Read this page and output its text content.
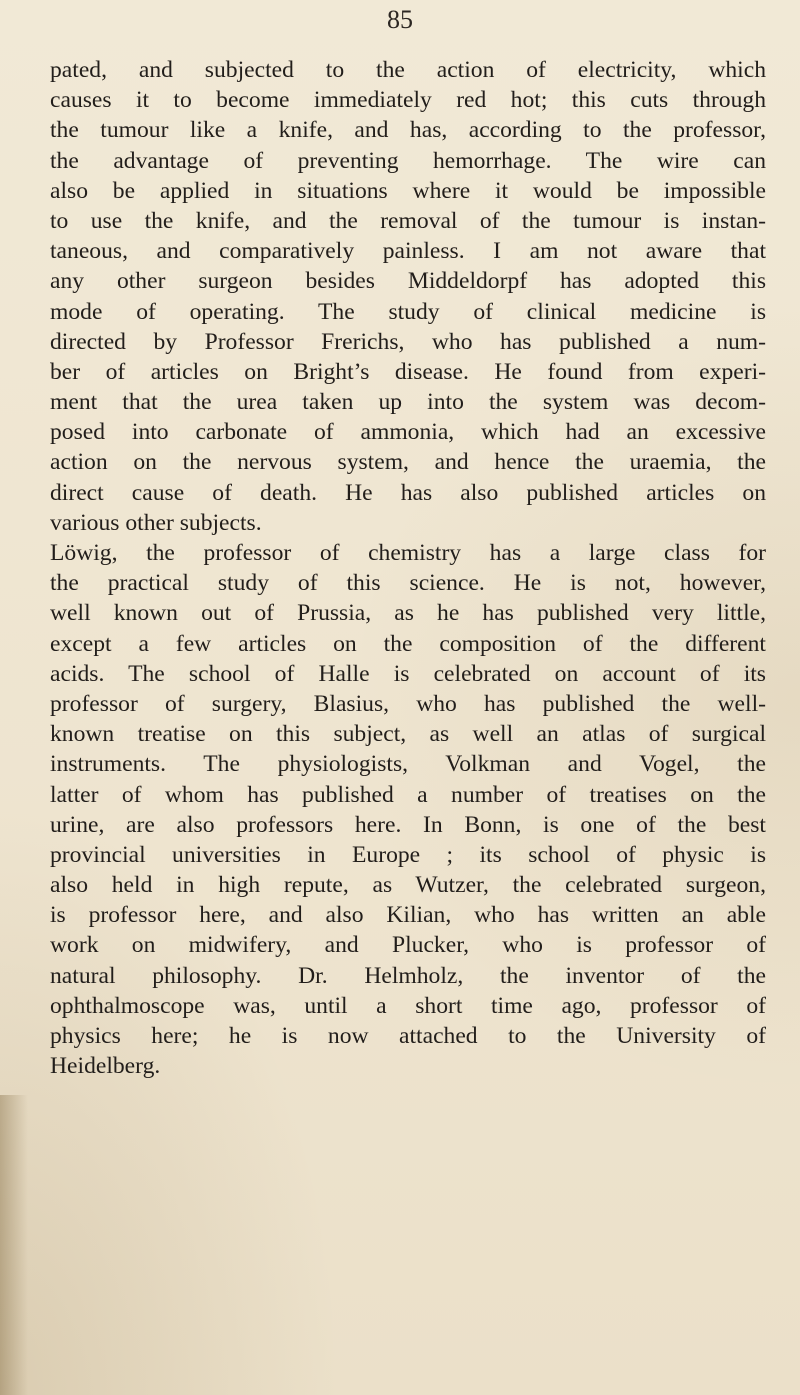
85
pated, and subjected to the action of electricity, which
causes it to become immediately red hot; this cuts through
the tumour like a knife, and has, according to the professor,
the advantage of preventing hemorrhage. The wire can
also be applied in situations where it would be impossible
to use the knife, and the removal of the tumour is instan-
taneous, and comparatively painless. I am not aware that
any other surgeon besides Middeldorpf has adopted this
mode of operating. The study of clinical medicine is
directed by Professor Frerichs, who has published a num-
ber of articles on Bright’s disease. He found from experi-
ment that the urea taken up into the system was decom-
posed into carbonate of ammonia, which had an excessive
action on the nervous system, and hence the uraemia, the
direct cause of death. He has also published articles on
various other subjects.
Löwig, the professor of chemistry has a large class for
the practical study of this science. He is not, however,
well known out of Prussia, as he has published very little,
except a few articles on the composition of the different
acids. The school of Halle is celebrated on account of its
professor of surgery, Blasius, who has published the well-
known treatise on this subject, as well an atlas of surgical
instruments. The physiologists, Volkman and Vogel, the
latter of whom has published a number of treatises on the
urine, are also professors here. In Bonn, is one of the best
provincial universities in Europe ; its school of physic is
also held in high repute, as Wutzer, the celebrated surgeon,
is professor here, and also Kilian, who has written an able
work on midwifery, and Plucker, who is professor of
natural philosophy. Dr. Helmholz, the inventor of the
ophthalmoscope was, until a short time ago, professor of
physics here; he is now attached to the University of
Heidelberg.
